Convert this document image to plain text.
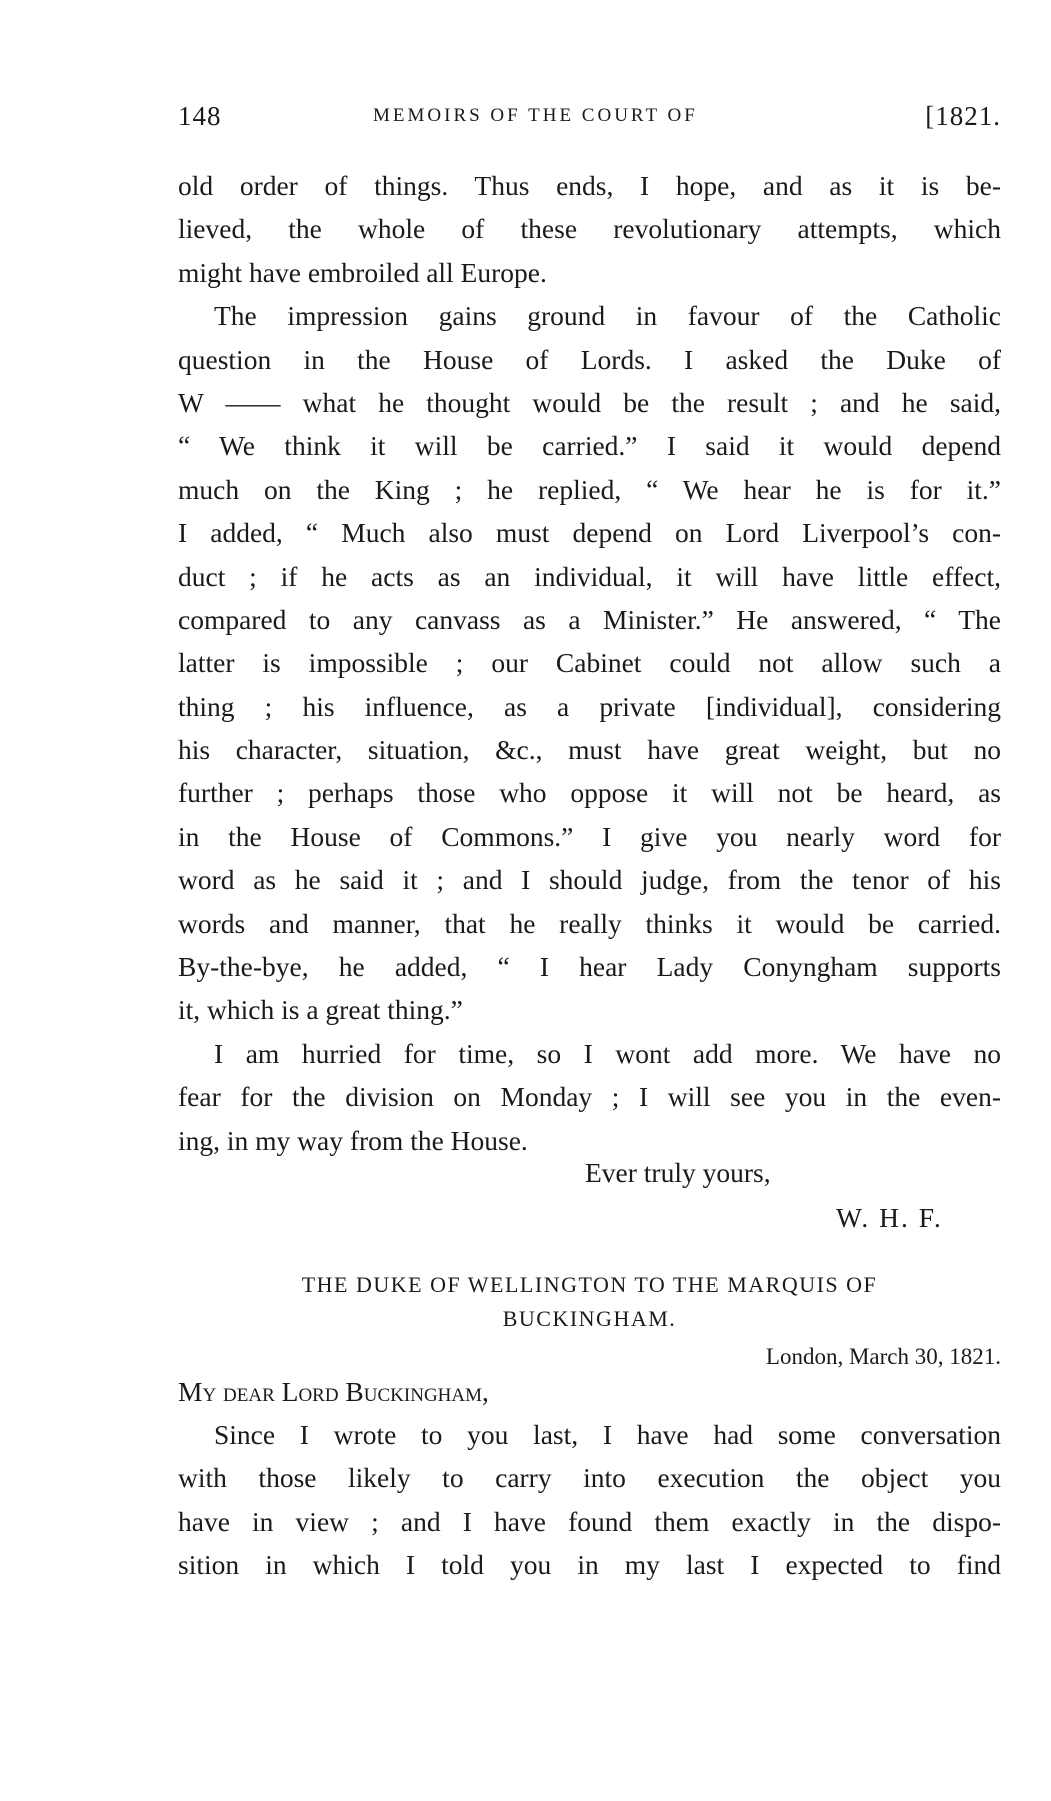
148	MEMOIRS OF THE COURT OF	[1821.
old order of things. Thus ends, I hope, and as it is be-
lieved, the whole of these revolutionary attempts, which
might have embroiled all Europe.
The impression gains ground in favour of the Catholic
question in the House of Lords. I asked the Duke of
W —— what he thought would be the result ; and he said,
“ We think it will be carried.” I said it would depend
much on the King ; he replied, “ We hear he is for it.”
I added, “ Much also must depend on Lord Liverpool’s con-
duct ; if he acts as an individual, it will have little effect,
compared to any canvass as a Minister.” He answered, “ The
latter is impossible ; our Cabinet could not allow such a
thing ; his influence, as a private [individual], considering
his character, situation, &c., must have great weight, but no
further ; perhaps those who oppose it will not be heard, as
in the House of Commons.” I give you nearly word for
word as he said it ; and I should judge, from the tenor of his
words and manner, that he really thinks it would be carried.
By-the-bye, he added, “ I hear Lady Conyngham supports
it, which is a great thing.”
I am hurried for time, so I wont add more. We have no
fear for the division on Monday ; I will see you in the even-
ing, in my way from the House.
Ever truly yours,
W. H. F.
THE DUKE OF WELLINGTON TO THE MARQUIS OF
BUCKINGHAM.
London, March 30, 1821.
My dear Lord Buckingham,
Since I wrote to you last, I have had some conversation
with those likely to carry into execution the object you
have in view ; and I have found them exactly in the dispo-
sition in which I told you in my last I expected to find
